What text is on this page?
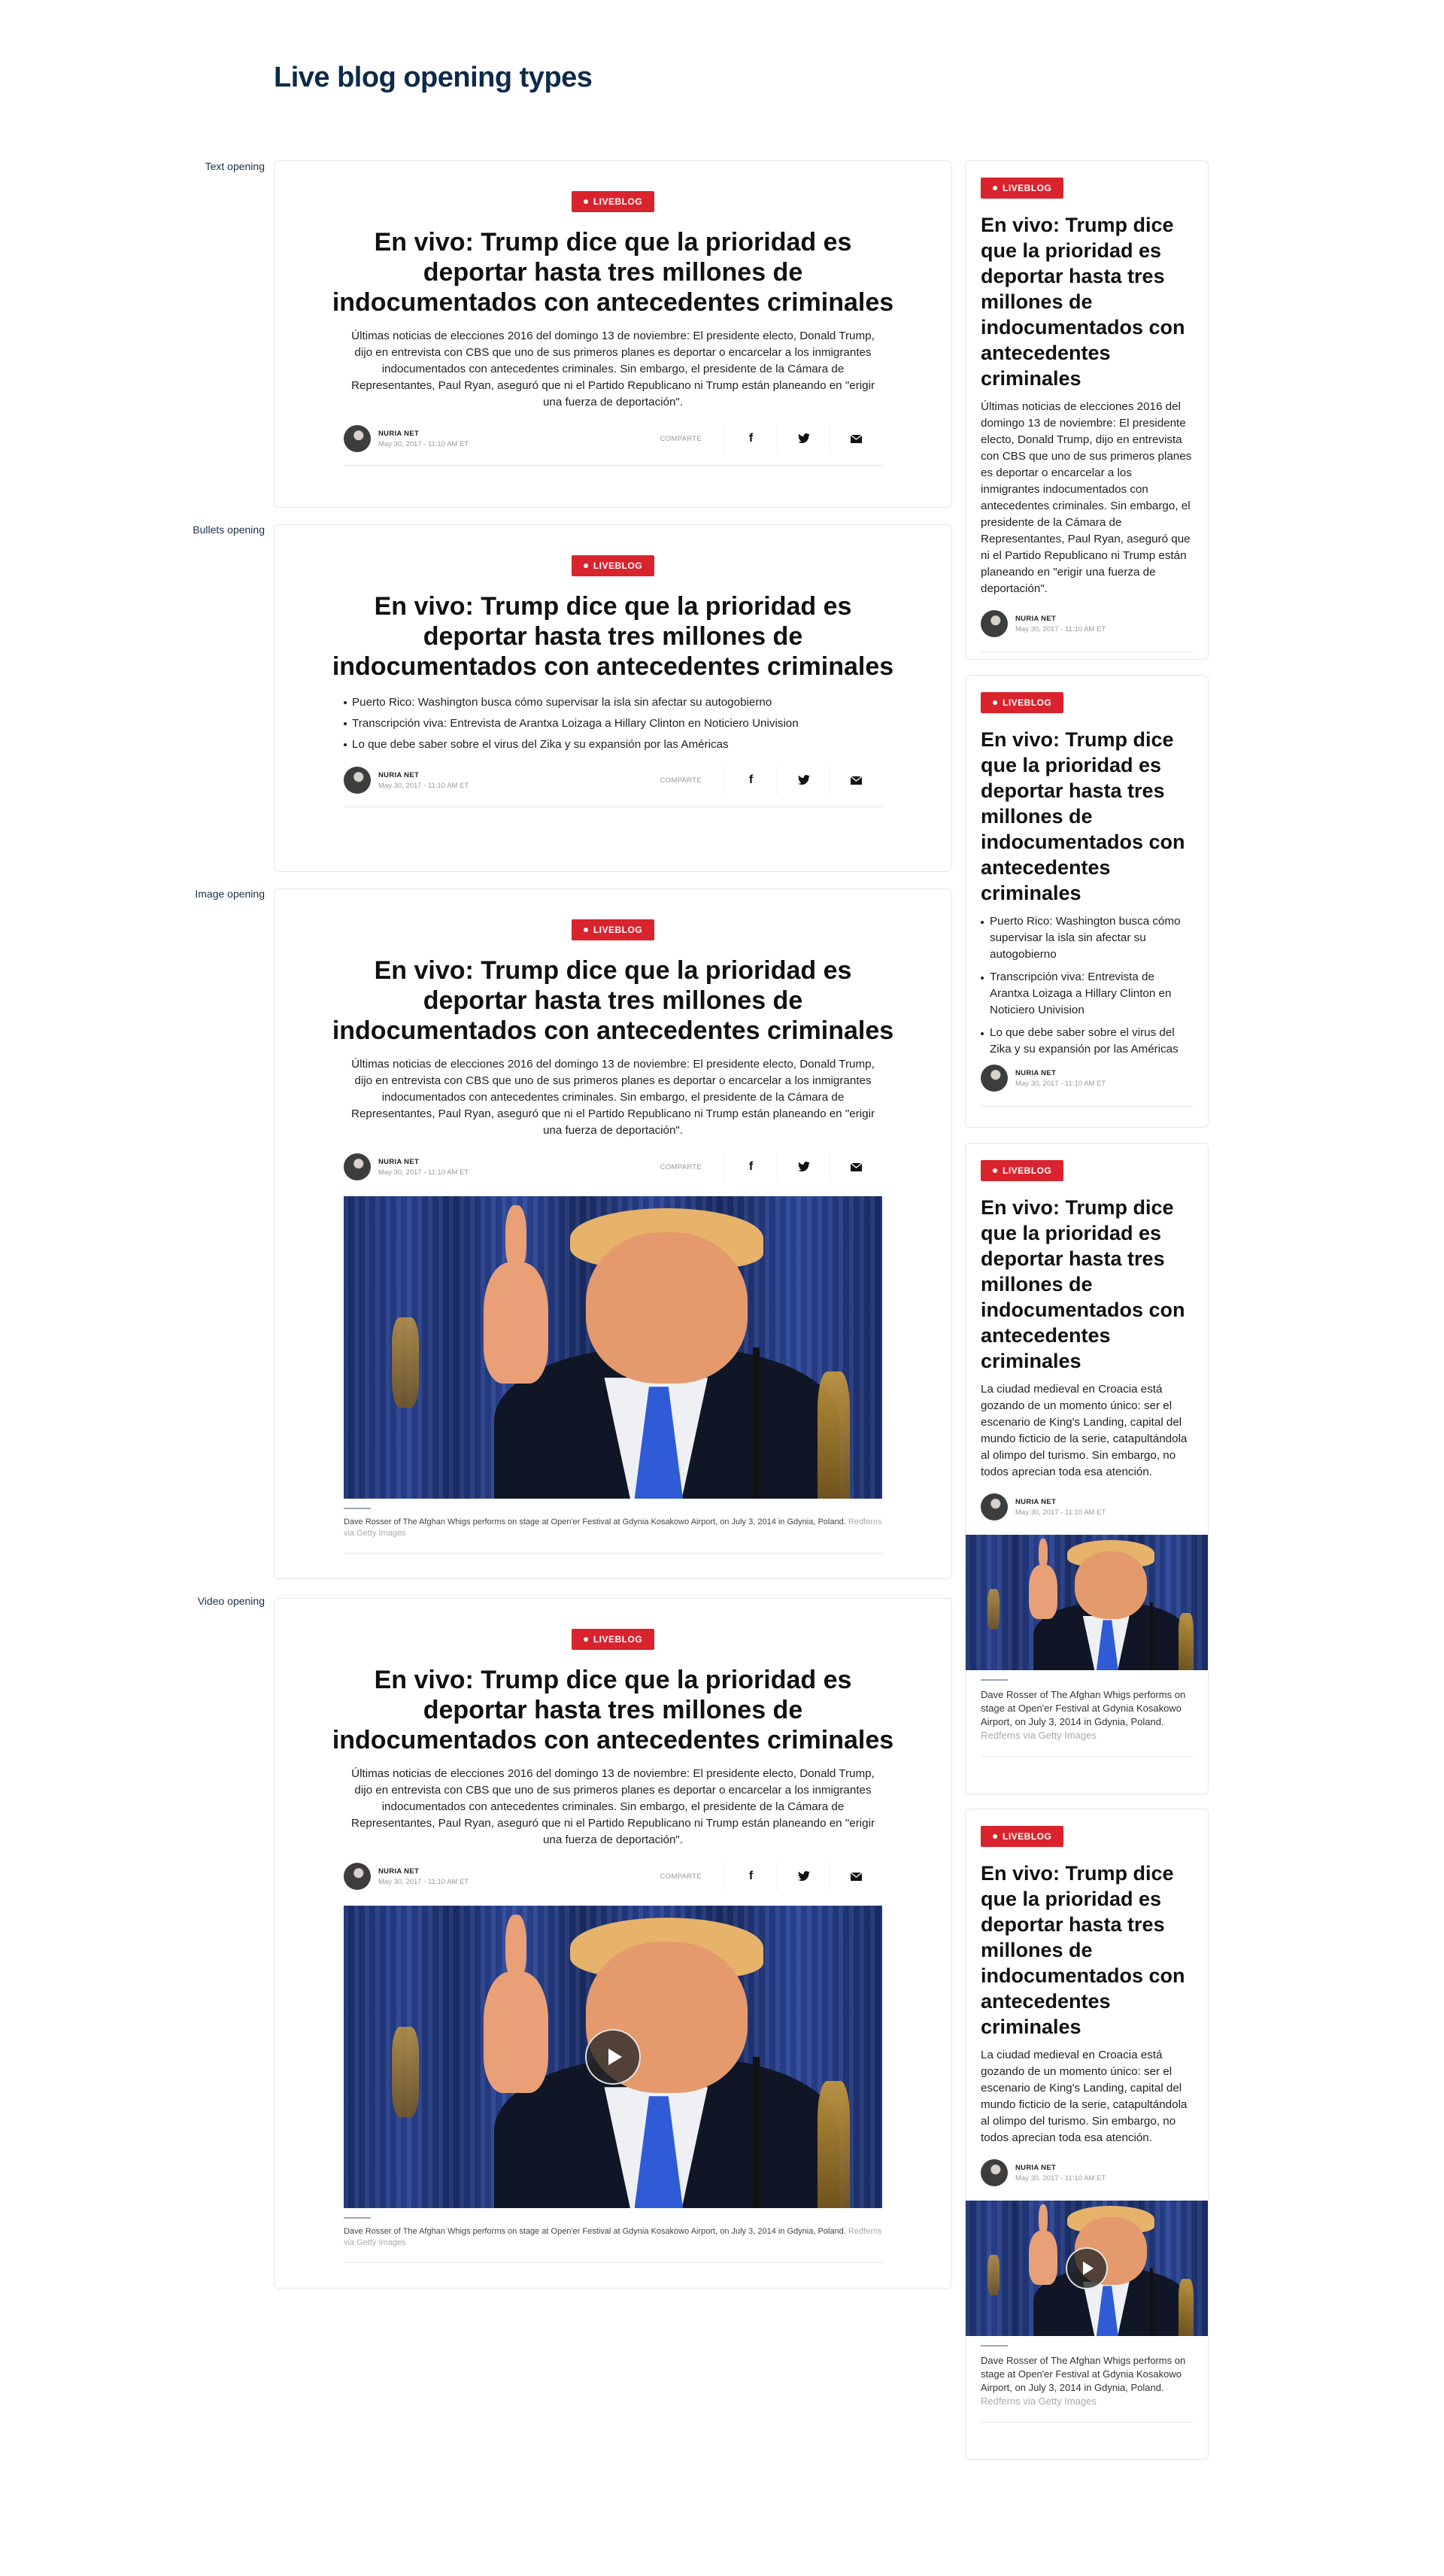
Live blog opening types
Text opening
Bullets opening
Image opening
Video opening
LIVEBLOG
En vivo: Trump dice que la prioridad es deportar hasta tres millones de indocumentados con antecedentes criminales
Últimas noticias de elecciones 2016 del domingo 13 de noviembre: El presidente electo, Donald Trump, dijo en entrevista con CBS que uno de sus primeros planes es deportar o encarcelar a los inmigrantes indocumentados con antecedentes criminales. Sin embargo, el presidente de la Cámara de Representantes, Paul Ryan, aseguró que ni el Partido Republicano ni Trump están planeando en "erigir una fuerza de deportación".
NURIA NET
May 30, 2017 - 11:10 AM ET
COMPARTE	f
LIVEBLOG
En vivo: Trump dice que la prioridad es deportar hasta tres millones de indocumentados con antecedentes criminales
Puerto Rico: Washington busca cómo supervisar la isla sin afectar su autogobierno
Transcripción viva: Entrevista de Arantxa Loizaga a Hillary Clinton en Noticiero Univision
Lo que debe saber sobre el virus del Zika y su expansión por las Américas
NURIA NET
May 30, 2017 - 11:10 AM ET
COMPARTE	f
LIVEBLOG
En vivo: Trump dice que la prioridad es deportar hasta tres millones de indocumentados con antecedentes criminales
Últimas noticias de elecciones 2016 del domingo 13 de noviembre: El presidente electo, Donald Trump, dijo en entrevista con CBS que uno de sus primeros planes es deportar o encarcelar a los inmigrantes indocumentados con antecedentes criminales. Sin embargo, el presidente de la Cámara de Representantes, Paul Ryan, aseguró que ni el Partido Republicano ni Trump están planeando en "erigir una fuerza de deportación".
NURIA NET
May 30, 2017 - 11:10 AM ET
COMPARTE	f
Dave Rosser of The Afghan Whigs performs on stage at Open'er Festival at Gdynia Kosakowo Airport, on July 3, 2014 in Gdynia, Poland. Redferns via Getty Images
LIVEBLOG
En vivo: Trump dice que la prioridad es deportar hasta tres millones de indocumentados con antecedentes criminales
Últimas noticias de elecciones 2016 del domingo 13 de noviembre: El presidente electo, Donald Trump, dijo en entrevista con CBS que uno de sus primeros planes es deportar o encarcelar a los inmigrantes indocumentados con antecedentes criminales. Sin embargo, el presidente de la Cámara de Representantes, Paul Ryan, aseguró que ni el Partido Republicano ni Trump están planeando en "erigir una fuerza de deportación".
NURIA NET
May 30, 2017 - 11:10 AM ET
COMPARTE	f
Dave Rosser of The Afghan Whigs performs on stage at Open'er Festival at Gdynia Kosakowo Airport, on July 3, 2014 in Gdynia, Poland. Redferns via Getty Images
LIVEBLOG
En vivo: Trump dice que la prioridad es deportar hasta tres millones de indocumentados con antecedentes criminales
Últimas noticias de elecciones 2016 del domingo 13 de noviembre: El presidente electo, Donald Trump, dijo en entrevista con CBS que uno de sus primeros planes es deportar o encarcelar a los inmigrantes indocumentados con antecedentes criminales. Sin embargo, el presidente de la Cámara de Representantes, Paul Ryan, aseguró que ni el Partido Republicano ni Trump están planeando en "erigir una fuerza de deportación".
NURIA NET
May 30, 2017 - 11:10 AM ET
LIVEBLOG
En vivo: Trump dice que la prioridad es deportar hasta tres millones de indocumentados con antecedentes criminales
Puerto Rico: Washington busca cómo supervisar la isla sin afectar su autogobierno
Transcripción viva: Entrevista de Arantxa Loizaga a Hillary Clinton en Noticiero Univision
Lo que debe saber sobre el virus del Zika y su expansión por las Américas
NURIA NET
May 30, 2017 - 11:10 AM ET
LIVEBLOG
En vivo: Trump dice que la prioridad es deportar hasta tres millones de indocumentados con antecedentes criminales
La ciudad medieval en Croacia está gozando de un momento único: ser el escenario de King's Landing, capital del mundo ficticio de la serie, catapultándola al olimpo del turismo. Sin embargo, no todos aprecian toda esa atención.
NURIA NET
May 30, 2017 - 11:10 AM ET
Dave Rosser of The Afghan Whigs performs on stage at Open'er Festival at Gdynia Kosakowo Airport, on July 3, 2014 in Gdynia, Poland. Redferns via Getty Images
LIVEBLOG
En vivo: Trump dice que la prioridad es deportar hasta tres millones de indocumentados con antecedentes criminales
La ciudad medieval en Croacia está gozando de un momento único: ser el escenario de King's Landing, capital del mundo ficticio de la serie, catapultándola al olimpo del turismo. Sin embargo, no todos aprecian toda esa atención.
NURIA NET
May 30, 2017 - 11:10 AM ET
Dave Rosser of The Afghan Whigs performs on stage at Open'er Festival at Gdynia Kosakowo Airport, on July 3, 2014 in Gdynia, Poland. Redferns via Getty Images
